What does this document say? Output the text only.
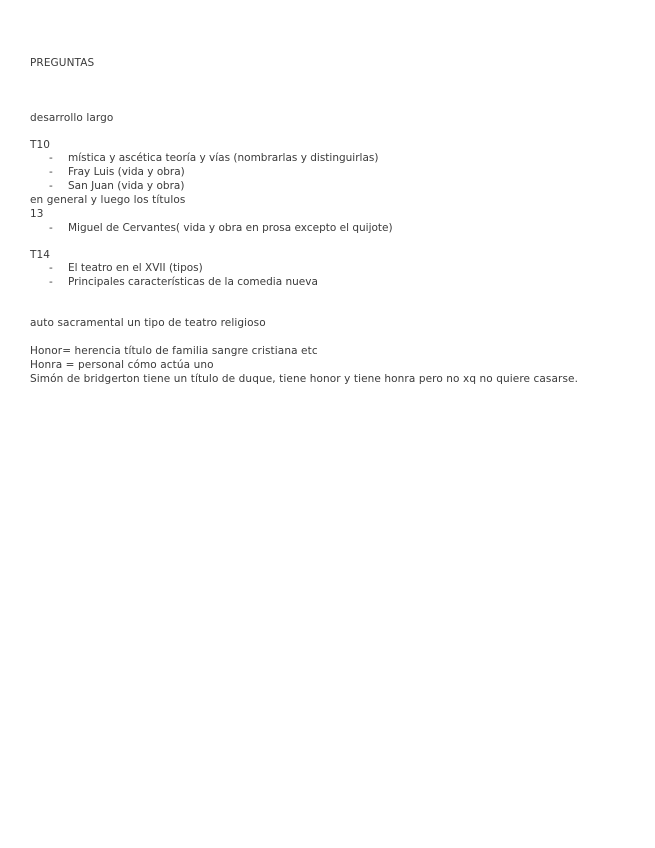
PREGUNTAS
desarrollo largo
T10
- mística y ascética teoría y vías (nombrarlas y distinguirlas)
- Fray Luis (vida y obra)
- San Juan (vida y obra)
en general y luego los títulos
13
- Miguel de Cervantes( vida y obra en prosa excepto el quijote)
T14
- El teatro en el XVII (tipos)
- Principales características de la comedia nueva
auto sacramental un tipo de teatro religioso
Honor= herencia título de familia sangre cristiana etc
Honra = personal cómo actúa uno
Simón de bridgerton tiene un título de duque, tiene honor y tiene honra pero no xq no quiere casarse.
